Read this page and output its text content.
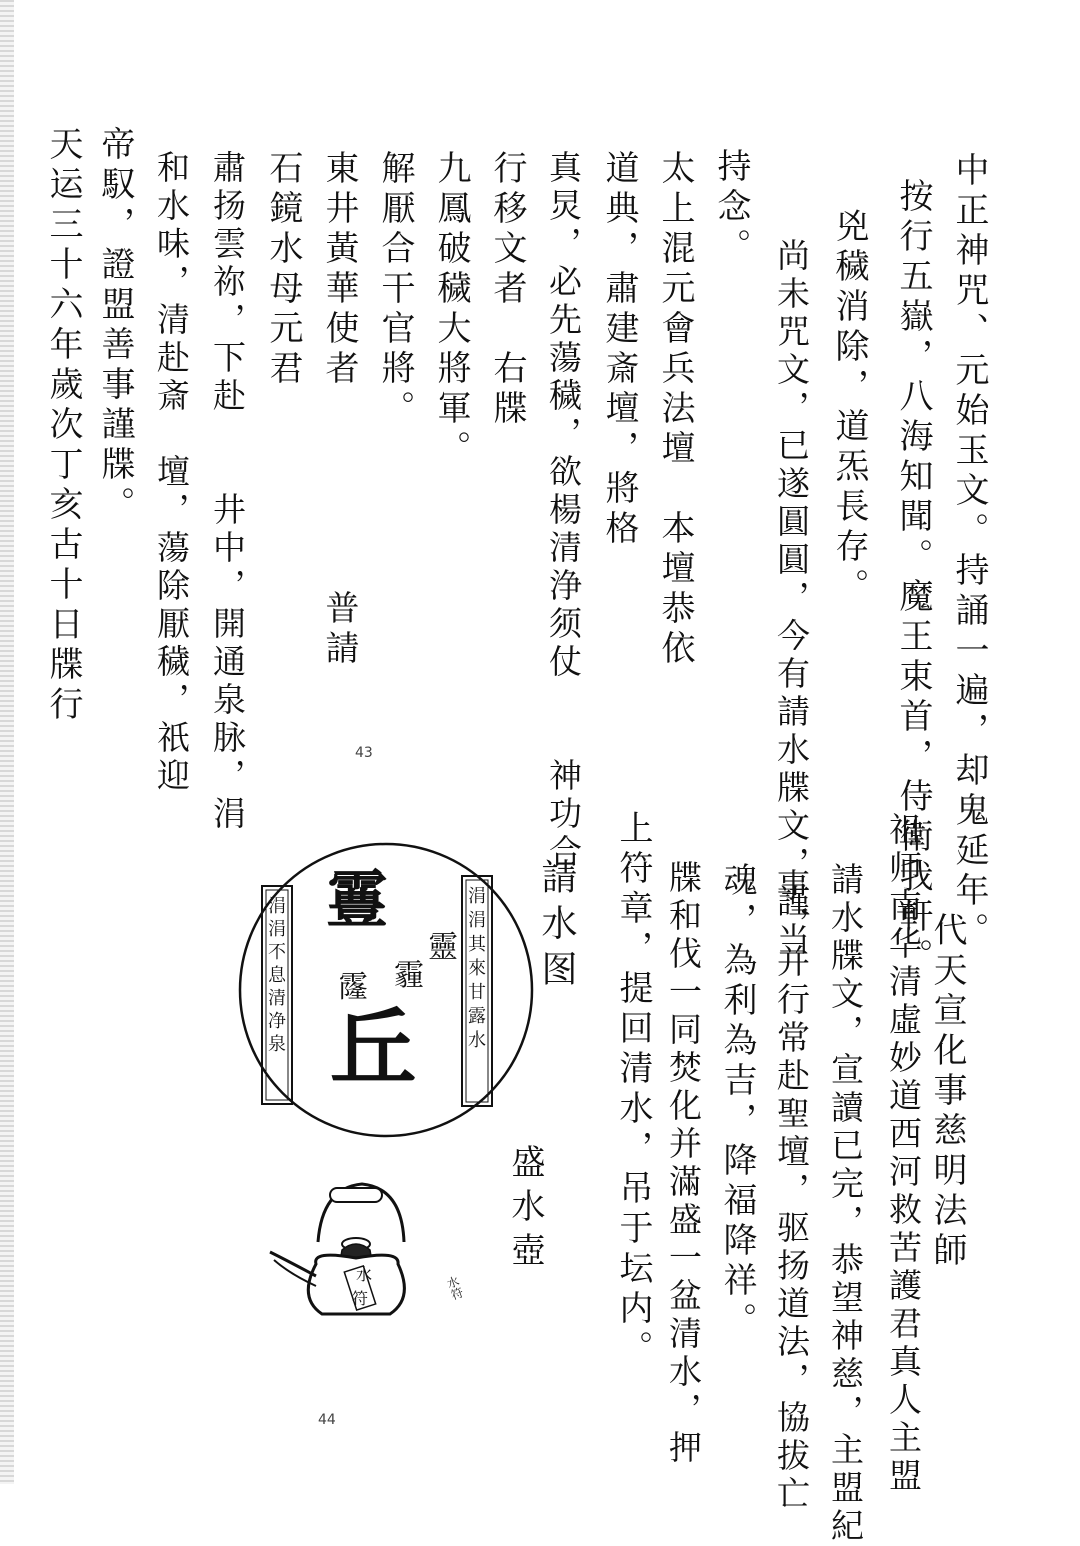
中正神咒、元始玉文。持誦一遍，却鬼延年。
按行五嶽，八海知聞。魔王束首，侍衛我軒。
兇穢消除，道炁長存。
尚未咒文，已遂圓圓，今有請水牒文，謹当
持念。
太上混元會兵法壇　本壇恭依
道典，肅建斎壇，將格
真炅，必先蕩穢，欲楊清浄须仗　　神功合
行移文者　右牒
九鳳破穢大將軍。
解厭合干官將。
東井黃華使者　　　　　普請
石鏡水母元君
肅扬雲祢，下赴　　井中，開通泉脉，涓
和水味，清赴斎　壇，蕩除厭穢，祇迎
帝馭，證盟善事謹牒。
天运三十六年歲次丁亥古十日牒行
43
代天宣化事慈明法師
祖师南华清虛妙道西河救苦護君真人主盟
請水牒文，宣讀已完，恭望神慈，主盟紀
事，并行常赴聖壇，驱扬道法，協拔亡
魂，為利為吉，降福降祥。
牒和伐一同焚化并滿盛一盆清水，押
上符章，提回清水，吊于坛内。
請水图
涓涓不息清净泉	涓涓其來甘露水
霻
靈
霾
霳
丘
盛水壺
水
符	水符
44
